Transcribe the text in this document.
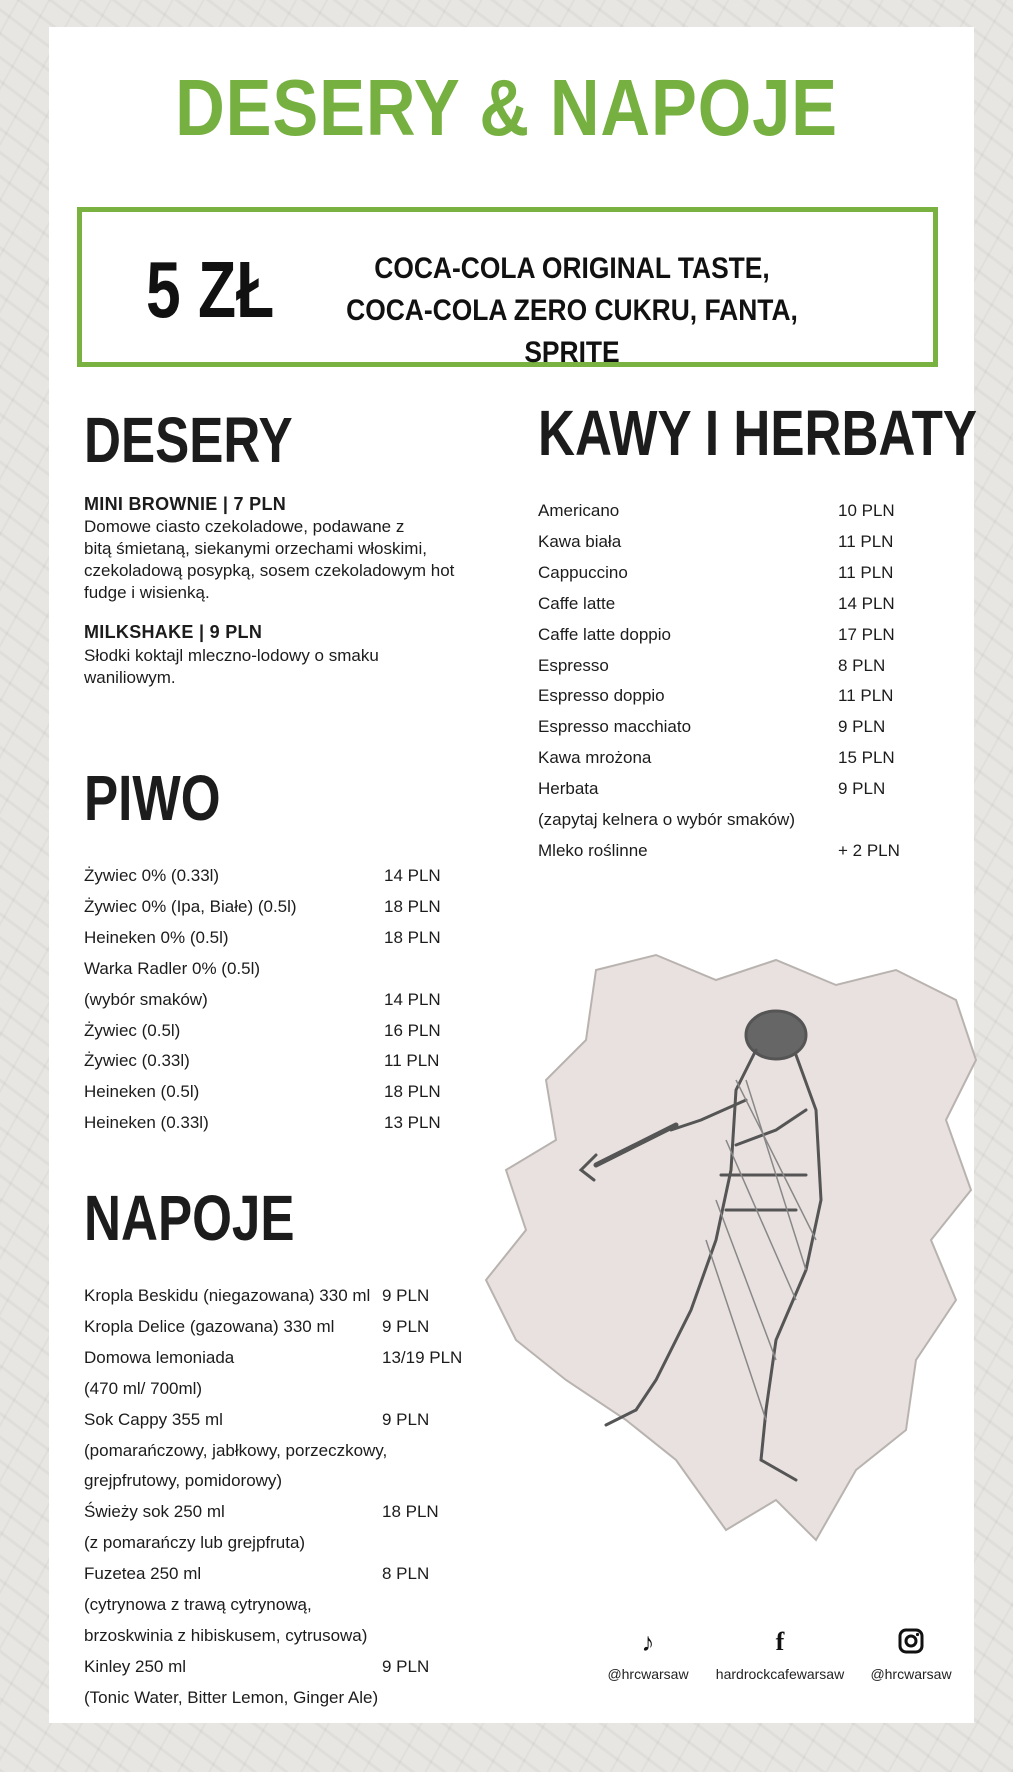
DESERY & NAPOJE
5 ZŁ	COCA-COLA ORIGINAL TASTE,
COCA-COLA ZERO CUKRU, FANTA, SPRITE
DESERY
MINI BROWNIE | 7 PLN
Domowe ciasto czekoladowe, podawane z
bitą śmietaną, siekanymi orzechami włoskimi,
czekoladową posypką, sosem czekoladowym hot
fudge i wisienką.
MILKSHAKE | 9 PLN
Słodki koktajl mleczno-lodowy o smaku
waniliowym.
KAWY I HERBATY
Americano	10 PLN
Kawa biała	11 PLN
Cappuccino	11 PLN
Caffe latte	14 PLN
Caffe latte doppio	17 PLN
Espresso	8 PLN
Espresso doppio	11 PLN
Espresso macchiato	9 PLN
Kawa mrożona	15 PLN
Herbata	9 PLN
(zapytaj kelnera o wybór smaków)
Mleko roślinne	+ 2 PLN
PIWO
Żywiec 0% (0.33l)	14 PLN
Żywiec 0% (Ipa, Białe) (0.5l)	18 PLN
Heineken 0% (0.5l)	18 PLN
Warka Radler 0% (0.5l)
(wybór smaków)	14 PLN
Żywiec (0.5l)	16 PLN
Żywiec (0.33l)	11 PLN
Heineken (0.5l)	18 PLN
Heineken (0.33l)	13 PLN
NAPOJE
Kropla Beskidu (niegazowana) 330 ml 9 PLN
Kropla Delice (gazowana) 330 ml	9 PLN
Domowa lemoniada	13/19 PLN
(470 ml/ 700ml)
Sok Cappy 355 ml	9 PLN
(pomarańczowy, jabłkowy, porzeczkowy,
grejpfrutowy, pomidorowy)
Świeży sok 250 ml	18 PLN
(z pomarańczy lub grejpfruta)
Fuzetea 250 ml	8 PLN
(cytrynowa z trawą cytrynową,
brzoskwinia z hibiskusem, cytrusowa)
Kinley 250 ml	9 PLN
(Tonic Water, Bitter Lemon, Ginger Ale)
♪
@hrcwarsaw
f
hardrockcafewarsaw	@hrcwarsaw
